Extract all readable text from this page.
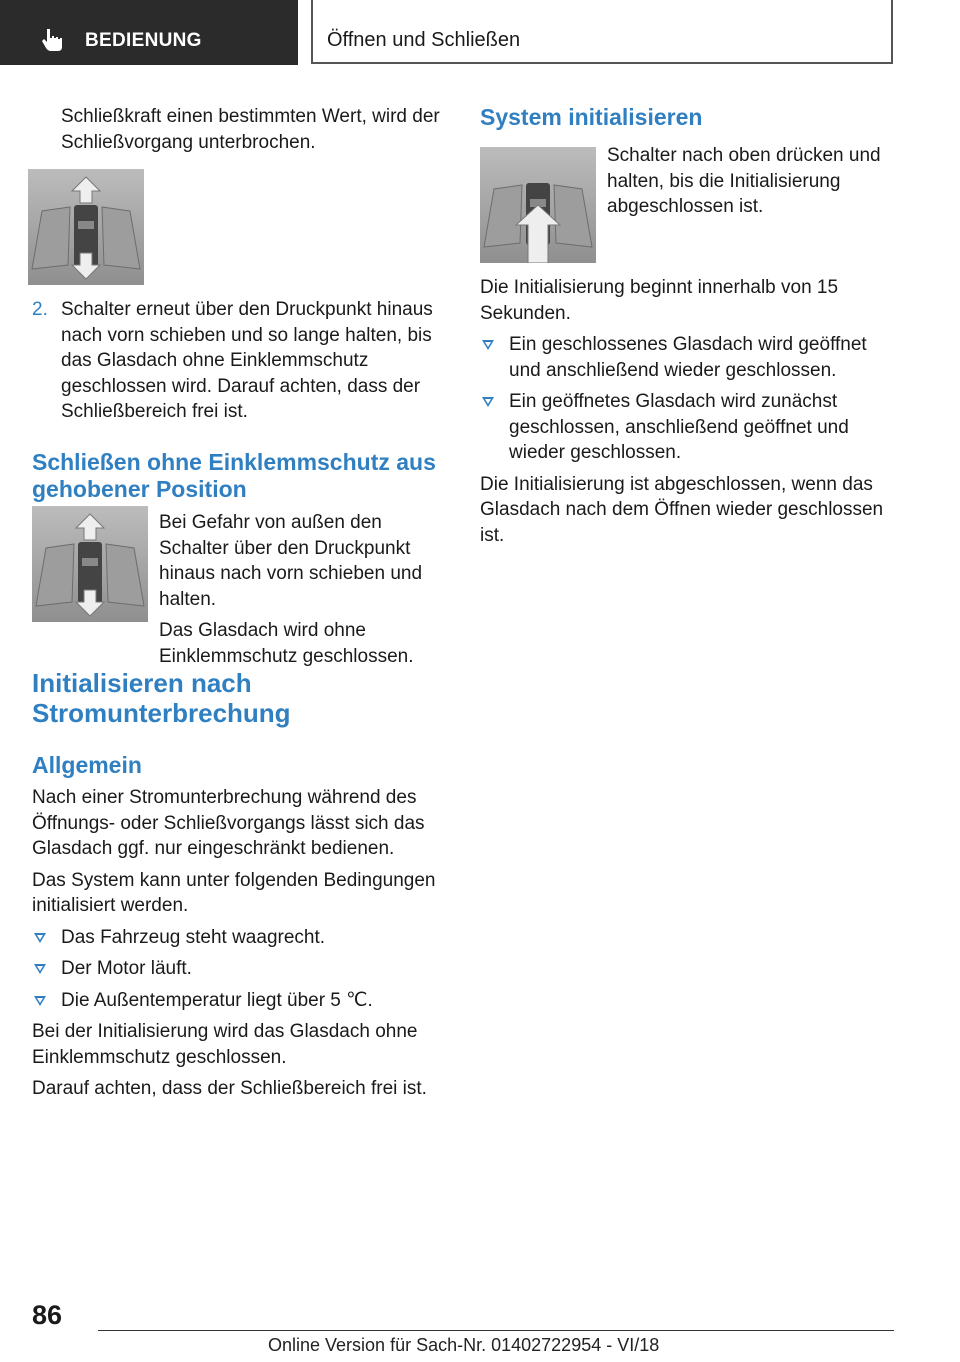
BEDIENUNG	Öffnen und Schließen

Schließkraft einen bestimmten Wert, wird der Schließvorgang unterbrochen.

2. Schalter erneut über den Druckpunkt hinaus nach vorn schieben und so lange halten, bis das Glasdach ohne Einklemmschutz geschlossen wird. Darauf achten, dass der Schließbereich frei ist.
Schließen ohne Einklemmschutz aus gehobener Position

Bei Gefahr von außen den Schalter über den Druckpunkt hinaus nach vorn schieben und halten.

Das Glasdach wird ohne Einklemmschutz geschlossen.

Initialisieren nach Stromunterbrechung
Allgemein

Nach einer Stromunterbrechung während des Öffnungs- oder Schließvorgangs lässt sich das Glasdach ggf. nur eingeschränkt bedienen.

Das System kann unter folgenden Bedingungen initialisiert werden.

Das Fahrzeug steht waagrecht.
Der Motor läuft.
Die Außentemperatur liegt über 5 ℃.

Bei der Initialisierung wird das Glasdach ohne Einklemmschutz geschlossen.

Darauf achten, dass der Schließbereich frei ist.

System initialisieren

Schalter nach oben drücken und halten, bis die Initialisierung abgeschlossen ist.

Die Initialisierung beginnt innerhalb von 15 Sekunden.

Ein geschlossenes Glasdach wird geöffnet und anschließend wieder geschlossen.
Ein geöffnetes Glasdach wird zunächst geschlossen, anschließend geöffnet und wieder geschlossen.

Die Initialisierung ist abgeschlossen, wenn das Glasdach nach dem Öffnen wieder geschlossen ist.

86
Online Version für Sach-Nr. 01402722954 - VI/18
